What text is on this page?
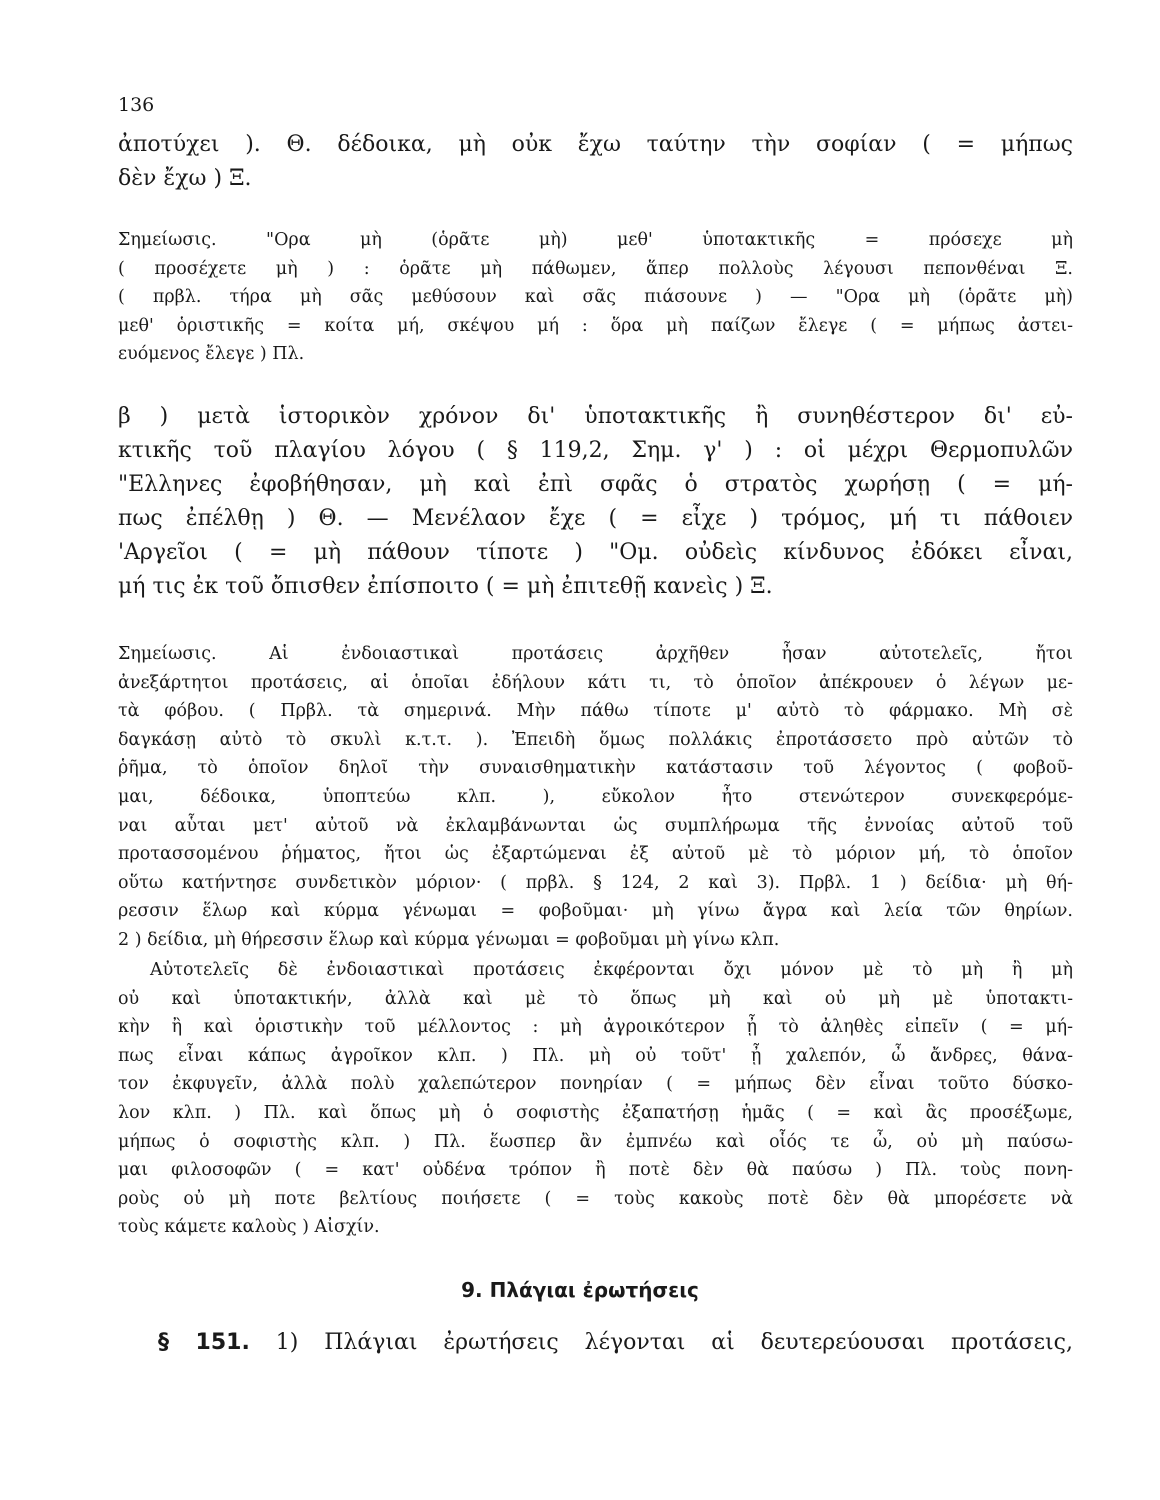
136

ἀποτύχει ). Θ. δέδοικα, μὴ οὐκ ἔχω ταύτην τὴν σοφίαν ( = μήπως

δὲν ἔχω ) Ξ.

Σημείωσις. "Ορα μὴ (ὁρᾶτε μὴ) μεθ' ὑποτακτικῆς = πρόσεχε μὴ

( προσέχετε μὴ ) : ὁρᾶτε μὴ πάθωμεν, ἅπερ πολλοὺς λέγουσι πεπονθέναι Ξ.

( πρβλ. τήρα μὴ σᾶς μεθύσουν καὶ σᾶς πιάσουνε ) — "Ορα μὴ (ὁρᾶτε μὴ)

μεθ' ὁριστικῆς = κοίτα μή, σκέψου μή : ὅρα μὴ παίζων ἔλεγε ( = μήπως ἀστει-

ευόμενος ἔλεγε ) Πλ.

β ) μετὰ ἱστορικὸν χρόνον δι' ὑποτακτικῆς ἢ συνηθέστερον δι' εὐ-

κτικῆς τοῦ πλαγίου λόγου ( § 119,2, Σημ. γ' ) : οἱ μέχρι Θερμοπυλῶν

"Ελληνες ἐφοβήθησαν, μὴ καὶ ἐπὶ σφᾶς ὁ στρατὸς χωρήσῃ ( = μή-

πως ἐπέλθῃ ) Θ. — Μενέλαον ἔχε ( = εἶχε ) τρόμος, μή τι πάθοιεν

'Αργεῖοι ( = μὴ πάθουν τίποτε ) "Ομ. οὐδεὶς κίνδυνος ἐδόκει εἶναι,

μή τις ἐκ τοῦ ὄπισθεν ἐπίσποιτο ( = μὴ ἐπιτεθῇ κανεὶς ) Ξ.

Σημείωσις. Αἱ ἐνδοιαστικαὶ προτάσεις ἀρχῆθεν ἦσαν αὐτοτελεῖς, ἤτοι

ἀνεξάρτητοι προτάσεις, αἱ ὁποῖαι ἐδήλουν κάτι τι, τὸ ὁποῖον ἀπέκρουεν ὁ λέγων με-

τὰ φόβου. ( Πρβλ. τὰ σημερινά. Μὴν πάθω τίποτε μ' αὐτὸ τὸ φάρμακο. Μὴ σὲ

δαγκάσῃ αὐτὸ τὸ σκυλὶ κ.τ.τ. ). Ἐπειδὴ ὅμως πολλάκις ἐπροτάσσετο πρὸ αὐτῶν τὸ

ῥῆμα, τὸ ὁποῖον δηλοῖ τὴν συναισθηματικὴν κατάστασιν τοῦ λέγοντος ( φοβοῦ-

μαι, δέδοικα, ὑποπτεύω κλπ. ), εὔκολον ἦτο στενώτερον συνεκφερόμε-

ναι αὗται μετ' αὐτοῦ νὰ ἐκλαμβάνωνται ὡς συμπλήρωμα τῆς ἐννοίας αὐτοῦ τοῦ

προτασσομένου ῥήματος, ἤτοι ὡς ἐξαρτώμεναι ἐξ αὐτοῦ μὲ τὸ μόριον μή, τὸ ὁποῖον

οὕτω κατήντησε συνδετικὸν μόριον· ( πρβλ. § 124, 2 καὶ 3). Πρβλ. 1 ) δείδια· μὴ θή-

ρεσσιν ἕλωρ καὶ κύρμα γένωμαι = φοβοῦμαι· μὴ γίνω ἄγρα καὶ λεία τῶν θηρίων.

2 ) δείδια, μὴ θήρεσσιν ἕλωρ καὶ κύρμα γένωμαι = φοβοῦμαι μὴ γίνω κλπ.

Αὐτοτελεῖς δὲ ἐνδοιαστικαὶ προτάσεις ἐκφέρονται ὄχι μόνον μὲ τὸ μὴ ἢ μὴ

οὐ καὶ ὑποτακτικήν, ἀλλὰ καὶ μὲ τὸ ὅπως μὴ καὶ οὐ μὴ μὲ ὑποτακτι-

κὴν ἢ καὶ ὁριστικὴν τοῦ μέλλοντος : μὴ ἀγροικότερον ᾖ τὸ ἀληθὲς εἰπεῖν ( = μή-

πως εἶναι κάπως ἀγροῖκον κλπ. ) Πλ. μὴ οὐ τοῦτ' ᾖ χαλεπόν, ὦ ἄνδρες, θάνα-

τον ἐκφυγεῖν, ἀλλὰ πολὺ χαλεπώτερον πονηρίαν ( = μήπως δὲν εἶναι τοῦτο δύσκο-

λον κλπ. ) Πλ. καὶ ὅπως μὴ ὁ σοφιστὴς ἐξαπατήσῃ ἡμᾶς ( = καὶ ἂς προσέξωμε,

μήπως ὁ σοφιστὴς κλπ. ) Πλ. ἕωσπερ ἂν ἐμπνέω καὶ οἷός τε ὦ, οὐ μὴ παύσω-

μαι φιλοσοφῶν ( = κατ' οὐδένα τρόπον ἢ ποτὲ δὲν θὰ παύσω ) Πλ. τοὺς πονη-

ροὺς οὐ μὴ ποτε βελτίους ποιήσετε ( = τοὺς κακοὺς ποτὲ δὲν θὰ μπορέσετε νὰ

τοὺς κάμετε καλοὺς ) Αἰσχίν.

9. Πλάγιαι ἐρωτήσεις
§ 151. 1) Πλάγιαι ἐρωτήσεις λέγονται αἱ δευτερεύουσαι προτάσεις,
